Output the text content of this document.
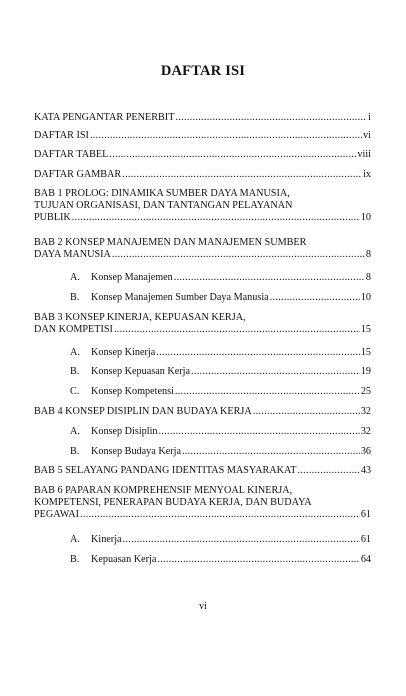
DAFTAR ISI
KATA PENGANTAR PENERBIT .....	i
DAFTAR ISI .....	vi
DAFTAR TABEL .....	viii
DAFTAR GAMBAR .....	ix
BAB 1 PROLOG: DINAMIKA SUMBER DAYA MANUSIA,
TUJUAN ORGANISASI, DAN TANTANGAN PELAYANAN
PUBLIK .....	10
BAB 2 KONSEP MANAJEMEN DAN MANAJEMEN SUMBER
DAYA MANUSIA .....	8
A. Konsep Manajemen .....	8
B. Konsep Manajemen Sumber Daya Manusia .....	10
BAB 3 KONSEP KINERJA, KEPUASAN KERJA,
DAN KOMPETISI .....	15
A. Konsep Kinerja .....	15
B. Konsep Kepuasan Kerja .....	19
C. Konsep Kompetensi .....	25
BAB 4 KONSEP DISIPLIN DAN BUDAYA KERJA .....	32
A. Konsep Disiplin .....	32
B. Konsep Budaya Kerja .....	36
BAB 5 SELAYANG PANDANG IDENTITAS MASYARAKAT .....	43
BAB 6 PAPARAN KOMPREHENSIF MENYOAL KINERJA,
KOMPETENSI, PENERAPAN BUDAYA KERJA, DAN BUDAYA
PEGAWAI .....	61
A. Kinerja .....	61
B. Kepuasan Kerja .....	64
vi
